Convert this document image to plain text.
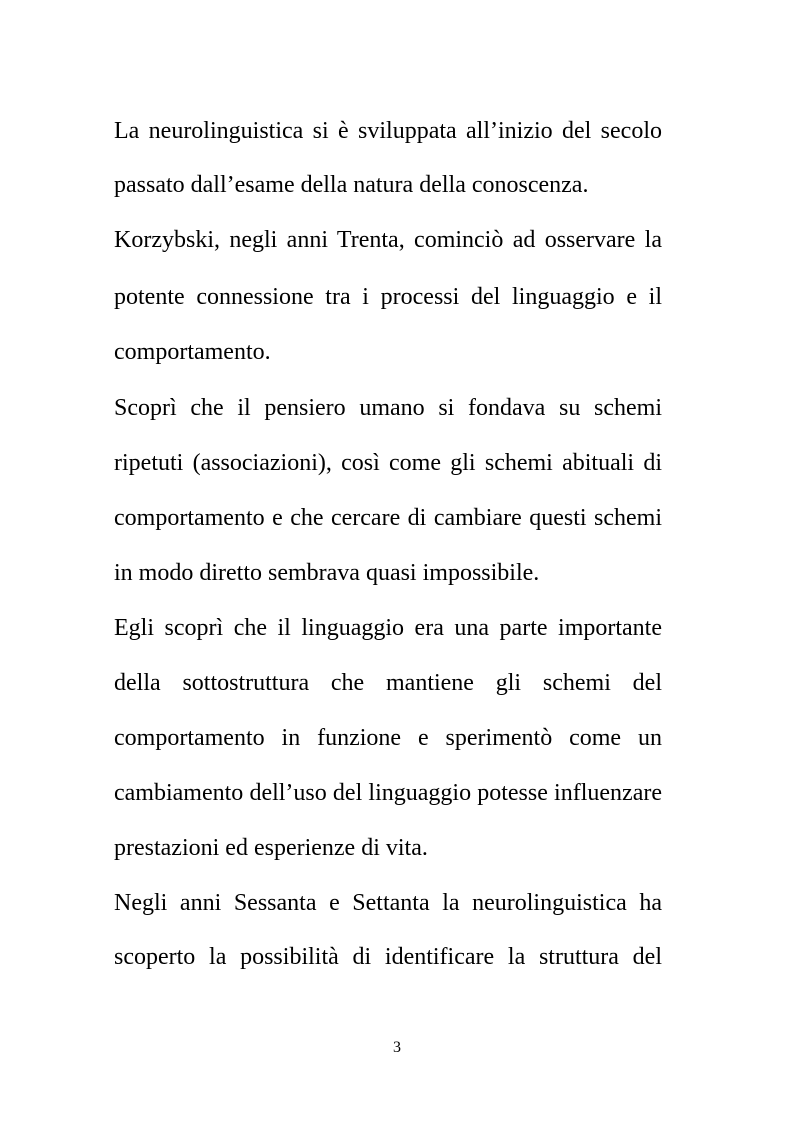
La neurolinguistica si è sviluppata all’inizio del secolo
passato dall’esame della natura della conoscenza.
Korzybski, negli anni Trenta, cominciò ad osservare la
potente connessione tra i processi del linguaggio e il
comportamento.
Scoprì che il pensiero umano si fondava su schemi
ripetuti (associazioni), così come gli schemi abituali di
comportamento e che cercare di cambiare questi schemi
in modo diretto sembrava quasi impossibile.
Egli scoprì che il linguaggio era una parte importante
della sottostruttura che mantiene gli schemi del
comportamento in funzione e sperimentò come un
cambiamento dell’uso del linguaggio potesse influenzare
prestazioni ed esperienze di vita.
Negli anni Sessanta e Settanta la neurolinguistica ha
scoperto la possibilità di identificare la struttura del
3
